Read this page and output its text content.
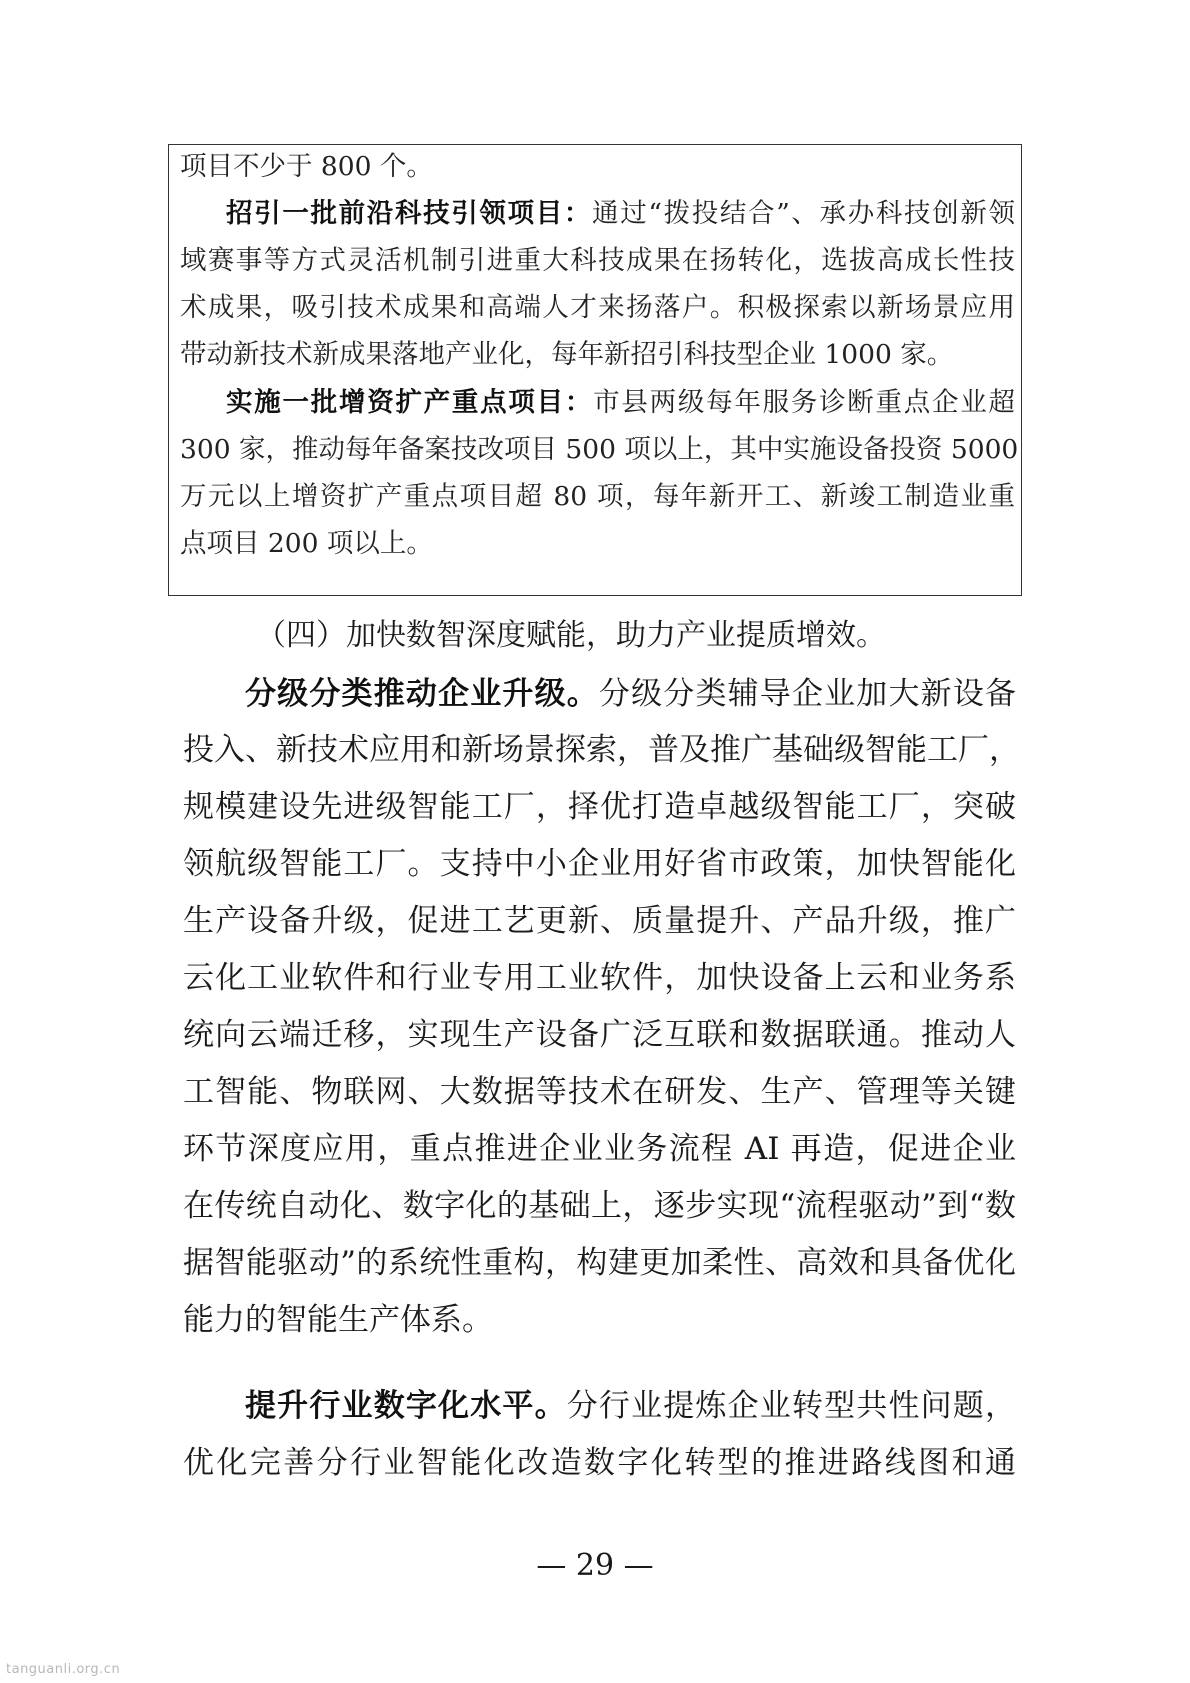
项目不少于 800 个。
招引一批前沿科技引领项目：通过“拨投结合”、承办科技创新领
域赛事等方式灵活机制引进重大科技成果在扬转化，选拔高成长性技
术成果，吸引技术成果和高端人才来扬落户。积极探索以新场景应用
带动新技术新成果落地产业化，每年新招引科技型企业 1000 家。
实施一批增资扩产重点项目：市县两级每年服务诊断重点企业超
300 家，推动每年备案技改项目 500 项以上，其中实施设备投资 5000
万元以上增资扩产重点项目超 80 项，每年新开工、新竣工制造业重
点项目 200 项以上。
（四）加快数智深度赋能，助力产业提质增效。
分级分类推动企业升级。分级分类辅导企业加大新设备
投入、新技术应用和新场景探索，普及推广基础级智能工厂，
规模建设先进级智能工厂，择优打造卓越级智能工厂，突破
领航级智能工厂。支持中小企业用好省市政策，加快智能化
生产设备升级，促进工艺更新、质量提升、产品升级，推广
云化工业软件和行业专用工业软件，加快设备上云和业务系
统向云端迁移，实现生产设备广泛互联和数据联通。推动人
工智能、物联网、大数据等技术在研发、生产、管理等关键
环节深度应用，重点推进企业业务流程 AI 再造，促进企业
在传统自动化、数字化的基础上，逐步实现“流程驱动”到“数
据智能驱动”的系统性重构，构建更加柔性、高效和具备优化
能力的智能生产体系。
提升行业数字化水平。分行业提炼企业转型共性问题，
优化完善分行业智能化改造数字化转型的推进路线图和通
— 29 —
tanguanli.org.cn
